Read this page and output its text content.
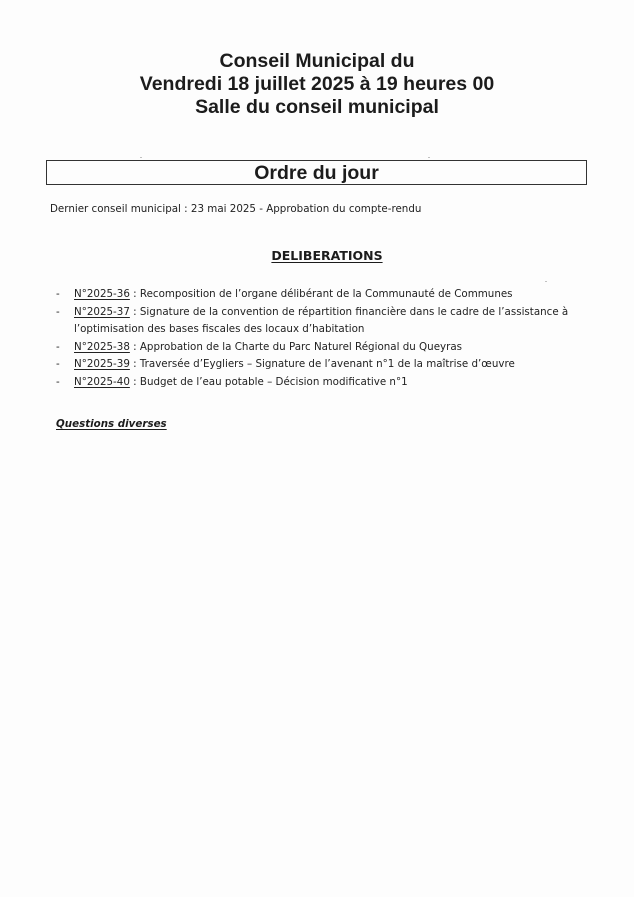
Conseil Municipal du
Vendredi 18 juillet 2025 à 19 heures 00
Salle du conseil municipal
Ordre du jour
Dernier conseil municipal : 23 mai 2025 - Approbation du compte-rendu
DELIBERATIONS
- N°2025-36 : Recomposition de l’organe délibérant de la Communauté de Communes
- N°2025-37 : Signature de la convention de répartition financière dans le cadre de l’assistance à l’optimisation des bases fiscales des locaux d’habitation
- N°2025-38 : Approbation de la Charte du Parc Naturel Régional du Queyras
- N°2025-39 : Traversée d’Eygliers – Signature de l’avenant n°1 de la maîtrise d’œuvre
- N°2025-40 : Budget de l’eau potable – Décision modificative n°1
Questions diverses
